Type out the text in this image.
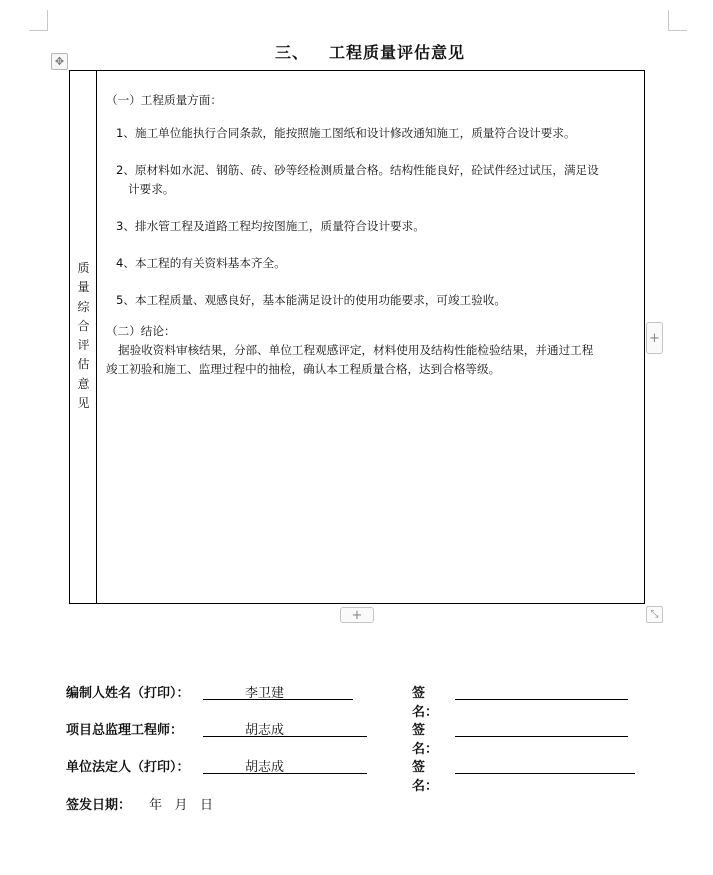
三、 工程质量评估意见
✥
质
量
综
合
评
估
意
见

（一）工程质量方面：

1、施工单位能执行合同条款，能按照施工图纸和设计修改通知施工，质量符合设计要求。

2、原材料如水泥、钢筋、砖、砂等经检测质量合格。结构性能良好，砼试件经过试压，满足设
计要求。

3、排水管工程及道路工程均按图施工，质量符合设计要求。

4、本工程的有关资料基本齐全。

5、本工程质量、观感良好，基本能满足设计的使用功能要求，可竣工验收。

（二）结论：

据验收资料审核结果，分部、单位工程观感评定，材料使用及结构性能检验结果，并通过工程

竣工初验和施工、监理过程中的抽检，确认本工程质量合格，达到合格等级。

+
+	⤡
编制人姓名（打印）：	李卫建	签名：
项目总监理工程师：	胡志成	签名：
单位法定人（打印）：	胡志成	签名：
签发日期： 年   月   日
